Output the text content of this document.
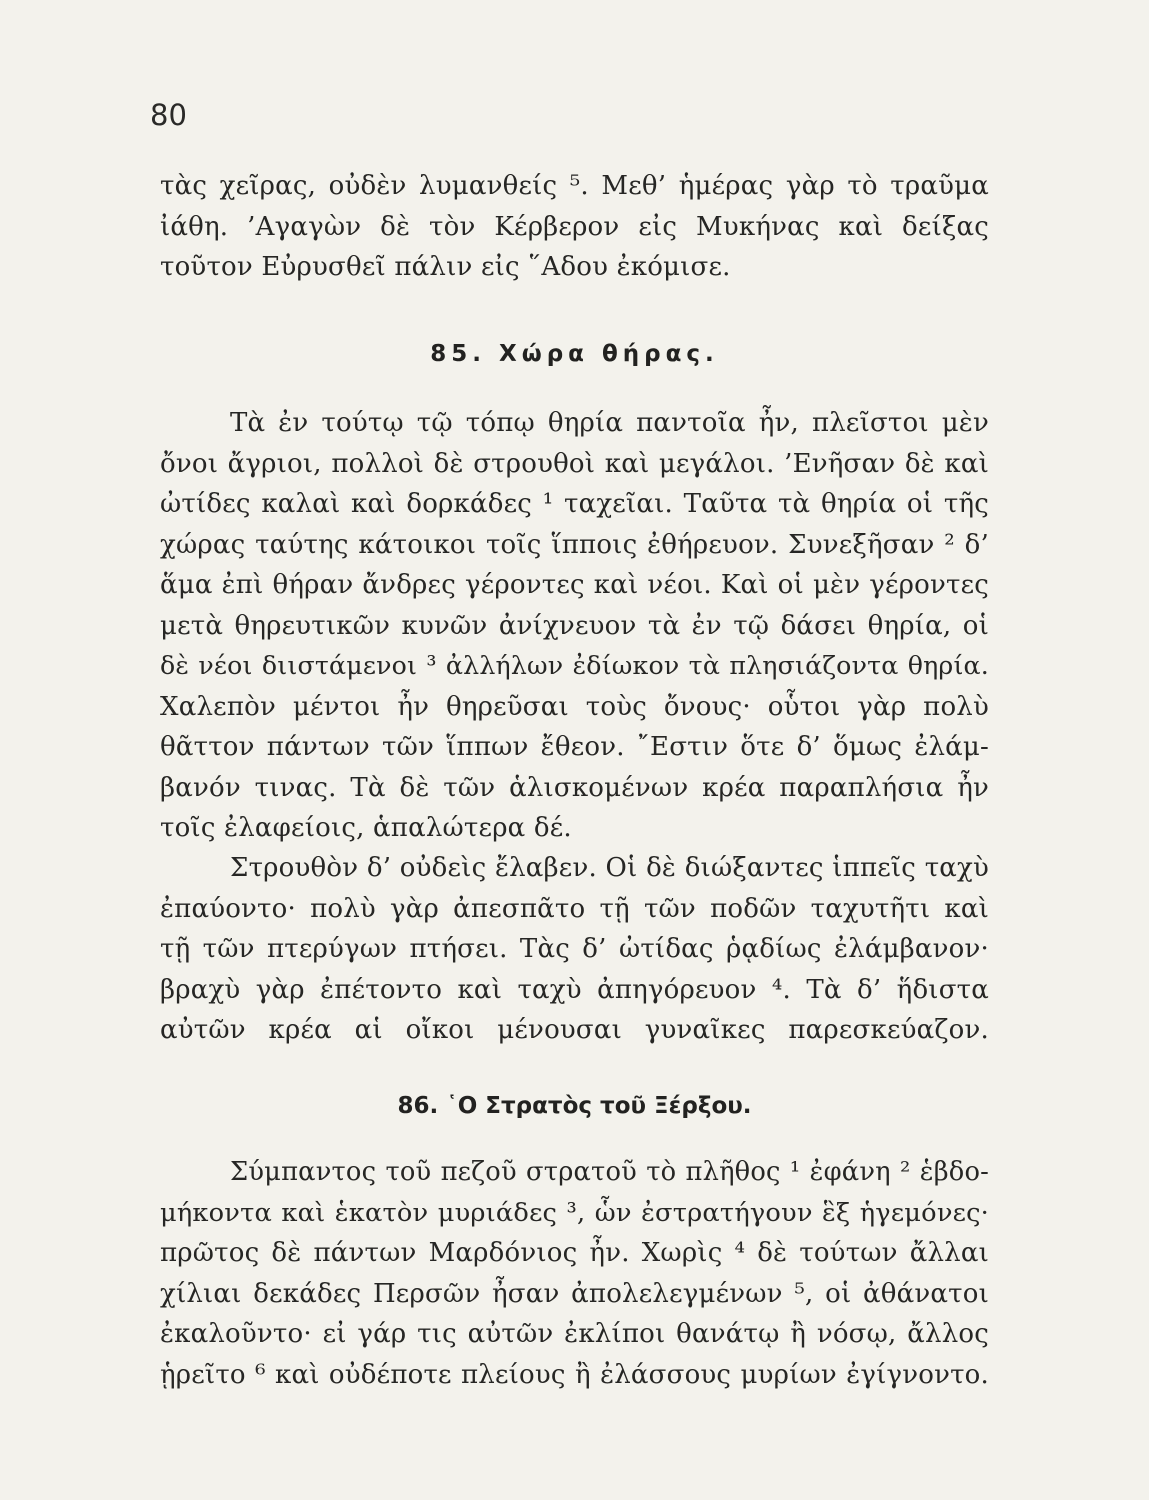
80
τὰς χεῖρας, οὐδὲν λυμανθείς ⁵. Μεθ’ ἡμέρας γὰρ τὸ τραῦμα
ἰάθη. ’Αγαγὼν δὲ τὸν Κέρβερον εἰς Μυκήνας καὶ δείξας
τοῦτον Εὐρυσθεῖ πάλιν εἰς ῞Αδου ἐκόμισε.
85. Χώρα θήρας.
Τὰ ἐν τούτῳ τῷ τόπῳ θηρία παντοῖα ἦν, πλεῖστοι μὲν
ὄνοι ἄγριοι, πολλοὶ δὲ στρουθοὶ καὶ μεγάλοι. ’Ενῆσαν δὲ καὶ
ὠτίδες καλαὶ καὶ δορκάδες ¹ ταχεῖαι. Ταῦτα τὰ θηρία οἱ τῆς
χώρας ταύτης κάτοικοι τοῖς ἵπποις ἐθήρευον. Συνεξῆσαν ² δ’
ἅμα ἐπὶ θήραν ἄνδρες γέροντες καὶ νέοι. Καὶ οἱ μὲν γέροντες
μετὰ θηρευτικῶν κυνῶν ἀνίχνευον τὰ ἐν τῷ δάσει θηρία, οἱ
δὲ νέοι διιστάμενοι ³ ἀλλήλων ἐδίωκον τὰ πλησιάζοντα θηρία.
Χαλεπὸν μέντοι ἦν θηρεῦσαι τοὺς ὄνους· οὗτοι γὰρ πολὺ
θᾶττον πάντων τῶν ἵππων ἔθεον. ῎Εστιν ὅτε δ’ ὅμως ἐλάμ-
βανόν τινας. Τὰ δὲ τῶν ἁλισκομένων κρέα παραπλήσια ἦν
τοῖς ἐλαφείοις, ἁπαλώτερα δέ.
Στρουθὸν δ’ οὐδεὶς ἔλαβεν. Οἱ δὲ διώξαντες ἱππεῖς ταχὺ
ἐπαύοντο· πολὺ γὰρ ἀπεσπᾶτο τῇ τῶν ποδῶν ταχυτῆτι καὶ
τῇ τῶν πτερύγων πτήσει. Τὰς δ’ ὠτίδας ῥᾳδίως ἐλάμβανον·
βραχὺ γὰρ ἐπέτοντο καὶ ταχὺ ἀπηγόρευον ⁴. Τὰ δ’ ἥδιστα
αὐτῶν κρέα αἱ οἴκοι μένουσαι γυναῖκες παρεσκεύαζον.
86. ῾Ο Στρατὸς τοῦ Ξέρξου.
Σύμπαντος τοῦ πεζοῦ στρατοῦ τὸ πλῆθος ¹ ἐφάνη ² ἑβδο-
μήκοντα καὶ ἑκατὸν μυριάδες ³, ὧν ἐστρατήγουν ἓξ ἡγεμόνες·
πρῶτος δὲ πάντων Μαρδόνιος ἦν. Χωρὶς ⁴ δὲ τούτων ἄλλαι
χίλιαι δεκάδες Περσῶν ἦσαν ἀπολελεγμένων ⁵, οἱ ἀθάνατοι
ἐκαλοῦντο· εἰ γάρ τις αὐτῶν ἐκλίποι θανάτῳ ἢ νόσῳ, ἄλλος
ᾑρεῖτο ⁶ καὶ οὐδέποτε πλείους ἢ ἐλάσσους μυρίων ἐγίγνοντο.
